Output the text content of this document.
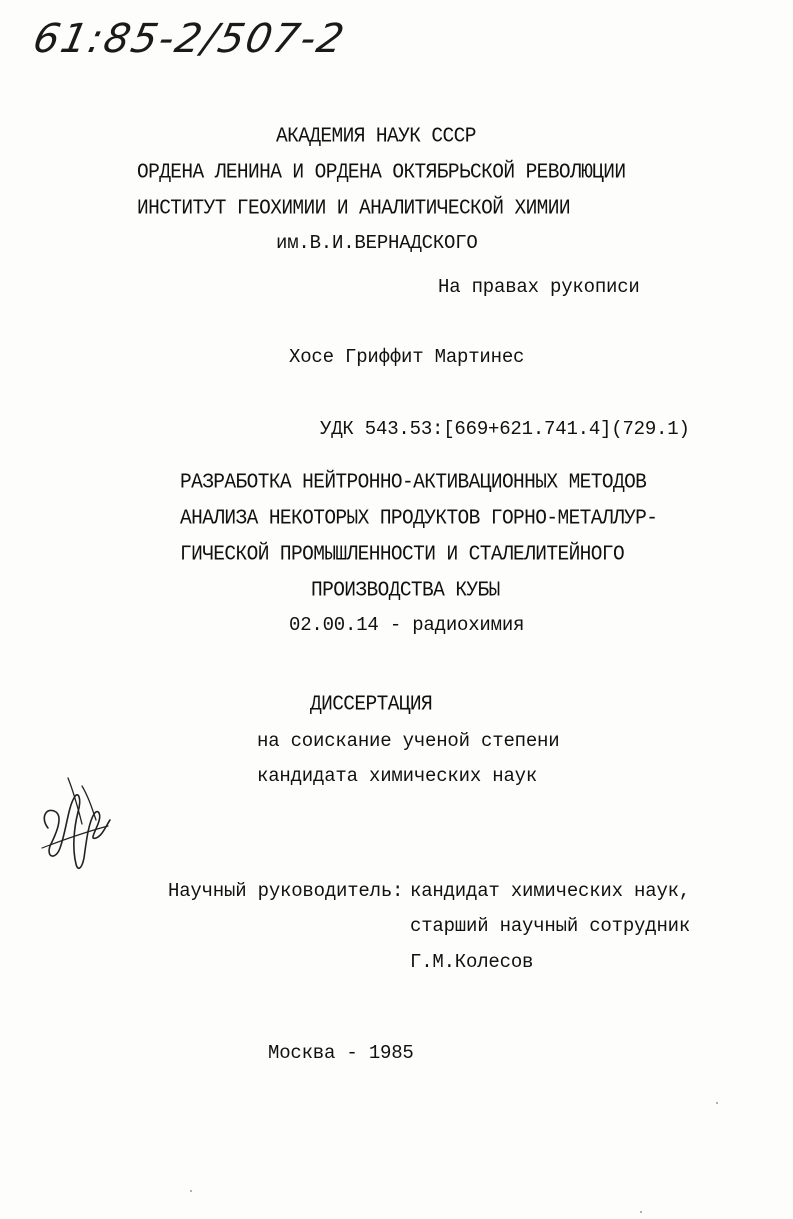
61:85-2/507-2
АКАДЕМИЯ НАУК СССР
ОРДЕНА ЛЕНИНА И ОРДЕНА ОКТЯБРЬСКОЙ РЕВОЛЮЦИИ
ИНСТИТУТ ГЕОХИМИИ И АНАЛИТИЧЕСКОЙ ХИМИИ
им.В.И.ВЕРНАДСКОГО
На правах рукописи
Хосе Гриффит Мартинес
УДК 543.53:[669+621.741.4](729.1)
РАЗРАБОТКА НЕЙТРОННО-АКТИВАЦИОННЫХ МЕТОДОВ
АНАЛИЗА НЕКОТОРЫХ ПРОДУКТОВ ГОРНО-МЕТАЛЛУР-
ГИЧЕСКОЙ ПРОМЫШЛЕННОСТИ И СТАЛЕЛИТЕЙНОГО
ПРОИЗВОДСТВА КУБЫ
02.00.14 - радиохимия
ДИССЕРТАЦИЯ
на соискание ученой степени
кандидата химических наук
Научный руководитель: кандидат химических наук,
старший научный сотрудник
Г.М.Колесов
Москва - 1985
